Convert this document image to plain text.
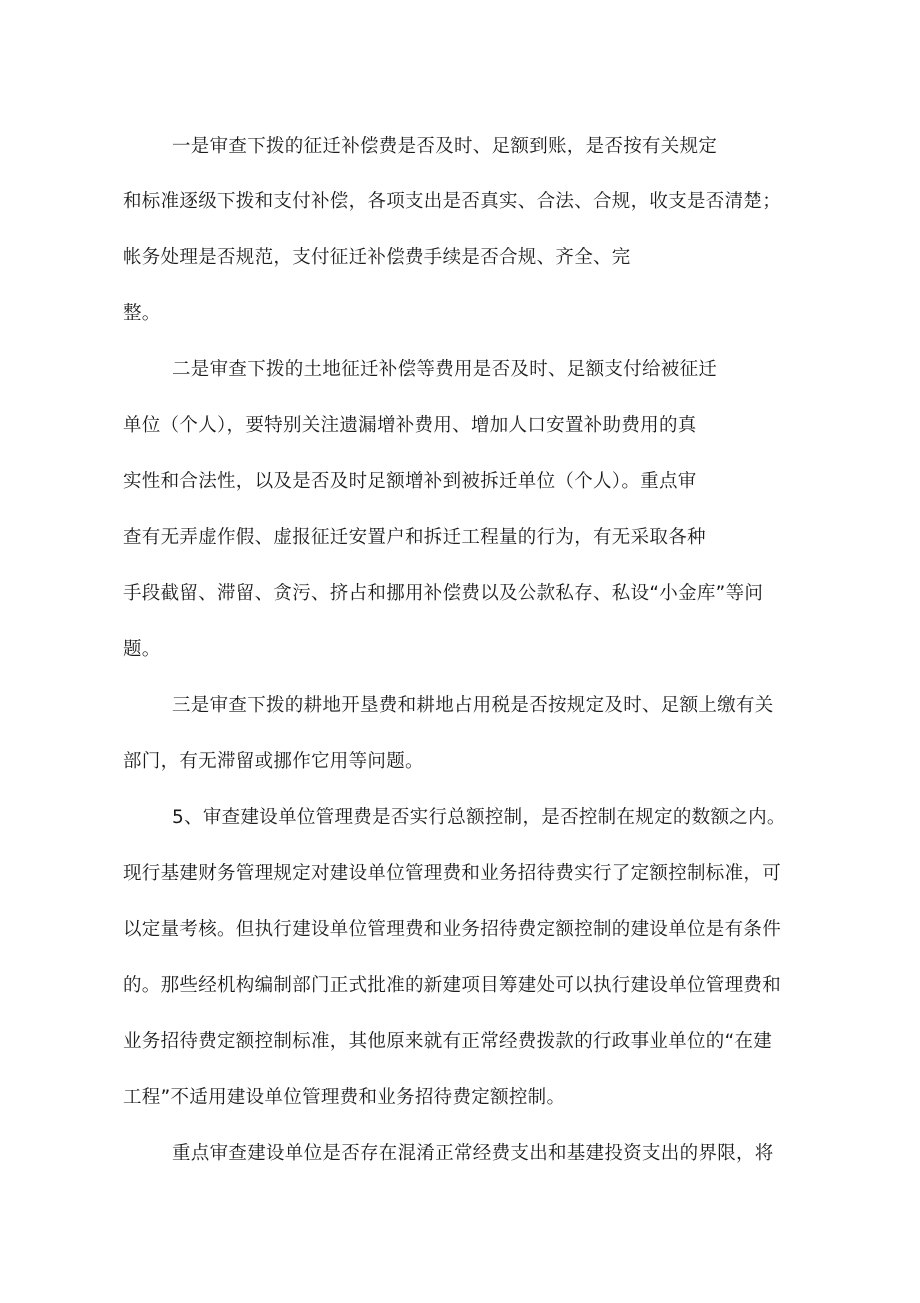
一是审查下拨的征迁补偿费是否及时、足额到账，是否按有关规定
和标准逐级下拨和支付补偿，各项支出是否真实、合法、合规，收支是否清楚；
帐务处理是否规范，支付征迁补偿费手续是否合规、齐全、完
整。
二是审查下拨的土地征迁补偿等费用是否及时、足额支付给被征迁
单位（个人），要特别关注遗漏增补费用、增加人口安置补助费用的真
实性和合法性，以及是否及时足额增补到被拆迁单位（个人）。重点审
查有无弄虚作假、虚报征迁安置户和拆迁工程量的行为，有无采取各种
手段截留、滞留、贪污、挤占和挪用补偿费以及公款私存、私设“小金库”等问
题。
三是审查下拨的耕地开垦费和耕地占用税是否按规定及时、足额上缴有关
部门，有无滞留或挪作它用等问题。
5、审查建设单位管理费是否实行总额控制，是否控制在规定的数额之内。
现行基建财务管理规定对建设单位管理费和业务招待费实行了定额控制标准，可
以定量考核。但执行建设单位管理费和业务招待费定额控制的建设单位是有条件
的。那些经机构编制部门正式批准的新建项目筹建处可以执行建设单位管理费和
业务招待费定额控制标准，其他原来就有正常经费拨款的行政事业单位的“在建
工程”不适用建设单位管理费和业务招待费定额控制。
重点审查建设单位是否存在混淆正常经费支出和基建投资支出的界限，将
